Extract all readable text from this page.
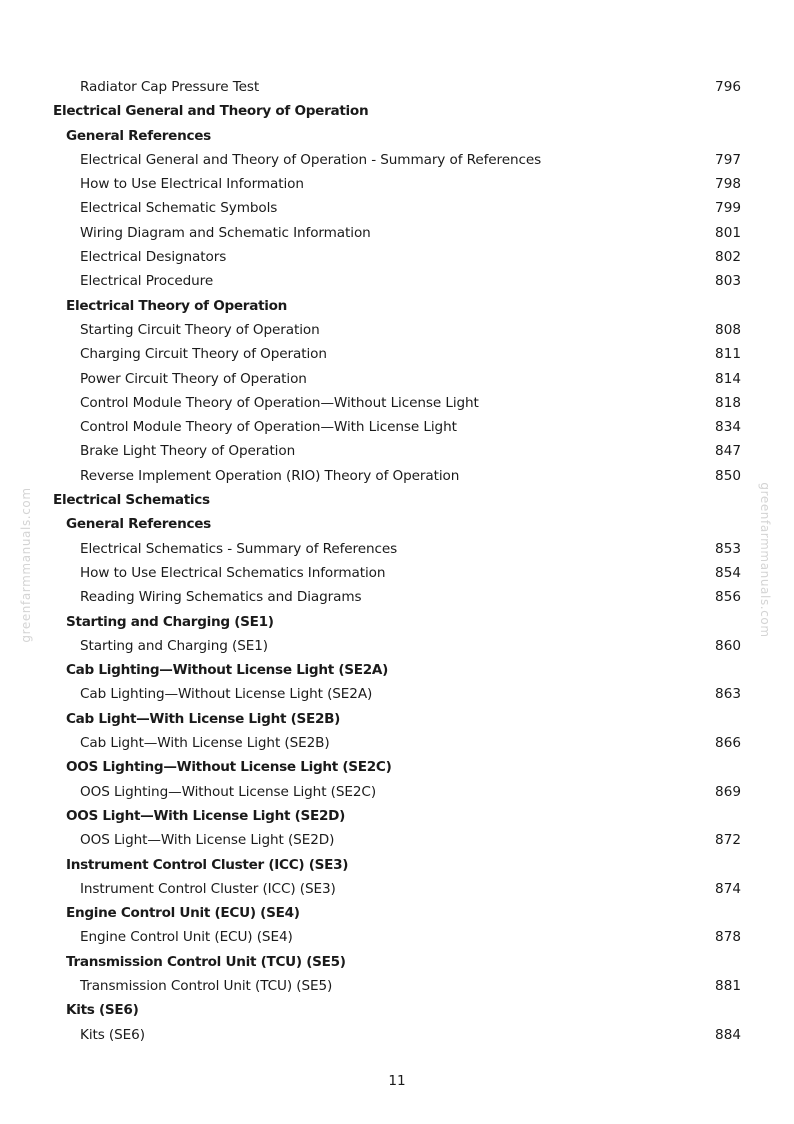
greenfarmmanuals.com	greenfarmmanuals.com
Radiator Cap Pressure Test	796
Electrical General and Theory of Operation
General References
Electrical General and Theory of Operation - Summary of References	797
How to Use Electrical Information	798
Electrical Schematic Symbols	799
Wiring Diagram and Schematic Information	801
Electrical Designators	802
Electrical Procedure	803
Electrical Theory of Operation
Starting Circuit Theory of Operation	808
Charging Circuit Theory of Operation	811
Power Circuit Theory of Operation	814
Control Module Theory of Operation—Without License Light	818
Control Module Theory of Operation—With License Light	834
Brake Light Theory of Operation	847
Reverse Implement Operation (RIO) Theory of Operation	850
Electrical Schematics
General References
Electrical Schematics - Summary of References	853
How to Use Electrical Schematics Information	854
Reading Wiring Schematics and Diagrams	856
Starting and Charging (SE1)
Starting and Charging (SE1)	860
Cab Lighting—Without License Light (SE2A)
Cab Lighting—Without License Light (SE2A)	863
Cab Light—With License Light (SE2B)
Cab Light—With License Light (SE2B)	866
OOS Lighting—Without License Light (SE2C)
OOS Lighting—Without License Light (SE2C)	869
OOS Light—With License Light (SE2D)
OOS Light—With License Light (SE2D)	872
Instrument Control Cluster (ICC) (SE3)
Instrument Control Cluster (ICC) (SE3)	874
Engine Control Unit (ECU) (SE4)
Engine Control Unit (ECU) (SE4)	878
Transmission Control Unit (TCU) (SE5)
Transmission Control Unit (TCU) (SE5)	881
Kits (SE6)
Kits (SE6)	884
11
